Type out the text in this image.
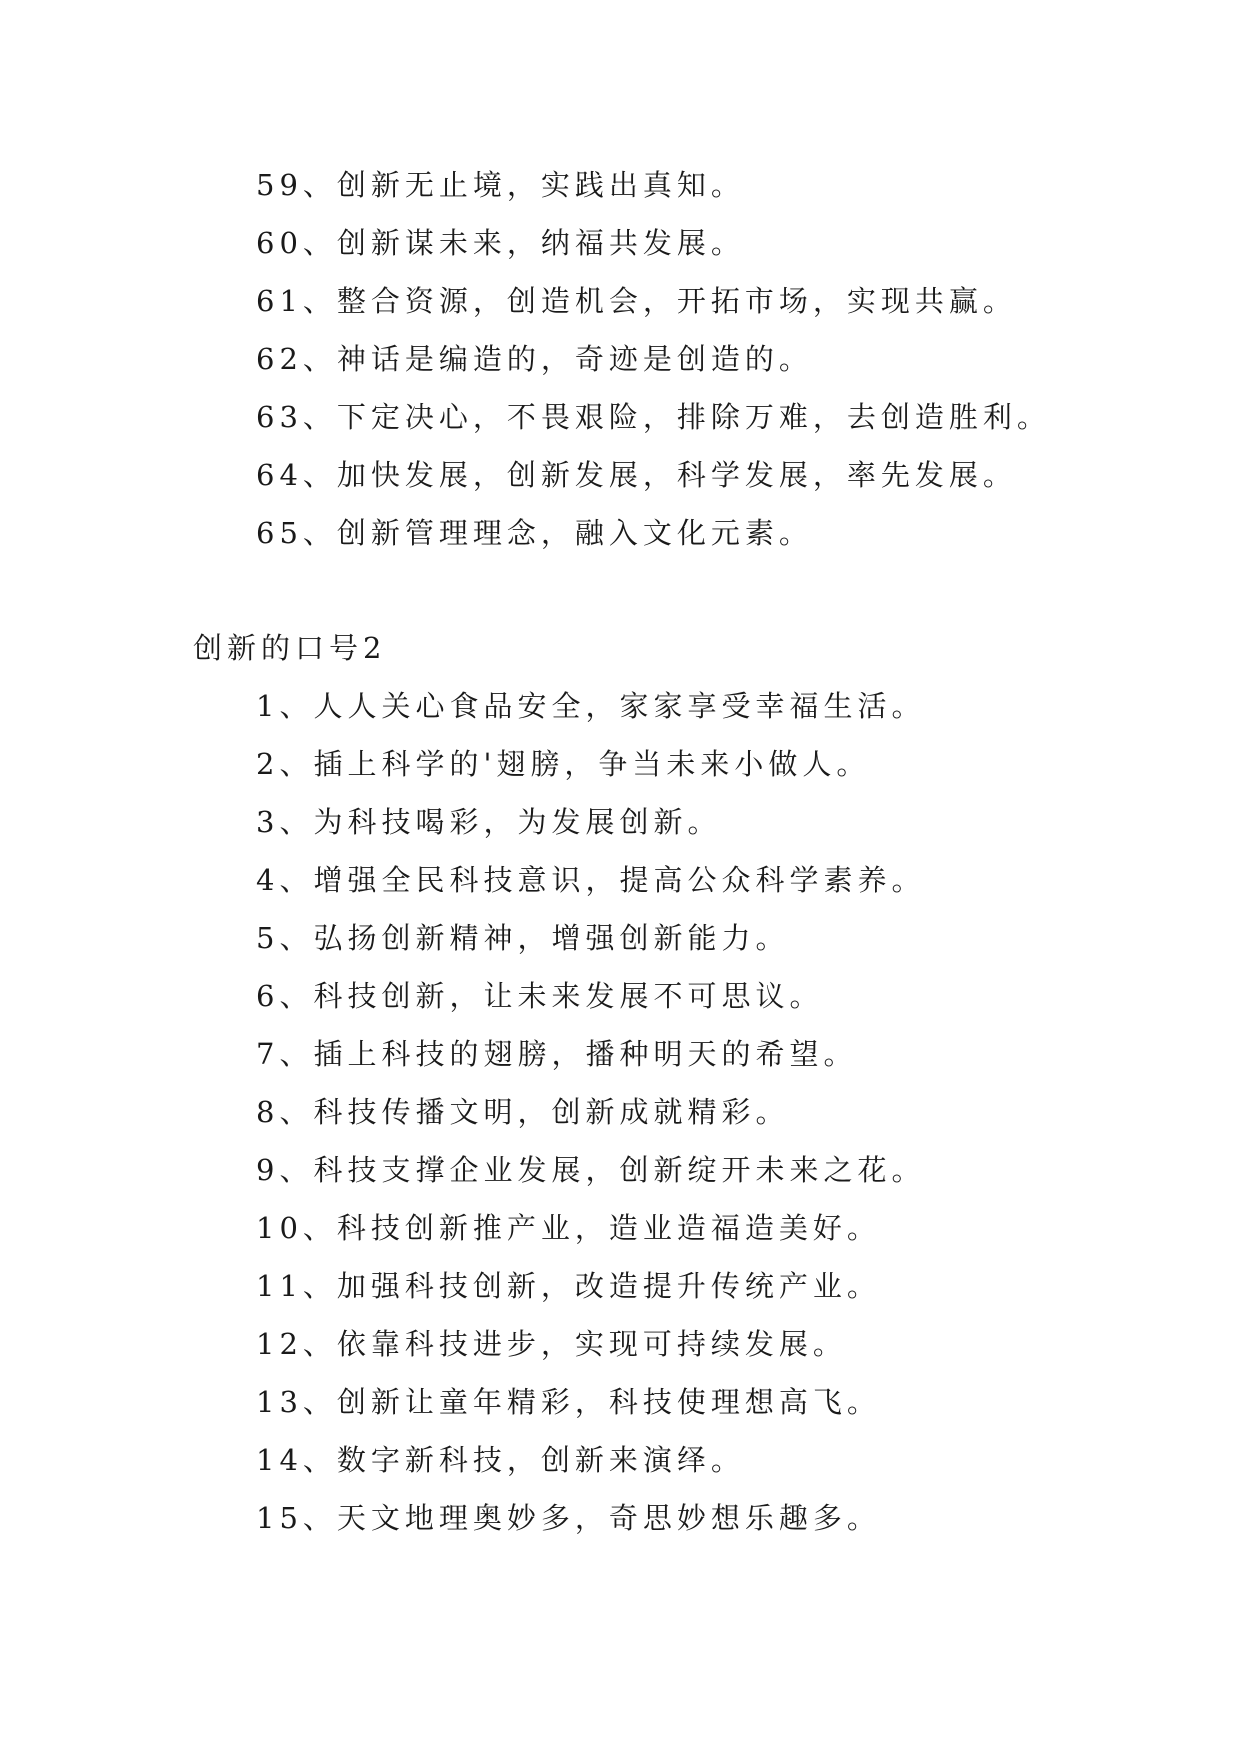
59、创新无止境，实践出真知。
60、创新谋未来，纳福共发展。
61、整合资源，创造机会，开拓市场，实现共赢。
62、神话是编造的，奇迹是创造的。
63、下定决心，不畏艰险，排除万难，去创造胜利。
64、加快发展，创新发展，科学发展，率先发展。
65、创新管理理念，融入文化元素。
创新的口号2
1、人人关心食品安全，家家享受幸福生活。
2、插上科学的'翅膀，争当未来小做人。
3、为科技喝彩，为发展创新。
4、增强全民科技意识，提高公众科学素养。
5、弘扬创新精神，增强创新能力。
6、科技创新，让未来发展不可思议。
7、插上科技的翅膀，播种明天的希望。
8、科技传播文明，创新成就精彩。
9、科技支撑企业发展，创新绽开未来之花。
10、科技创新推产业，造业造福造美好。
11、加强科技创新，改造提升传统产业。
12、依靠科技进步，实现可持续发展。
13、创新让童年精彩，科技使理想高飞。
14、数字新科技，创新来演绎。
15、天文地理奥妙多，奇思妙想乐趣多。
